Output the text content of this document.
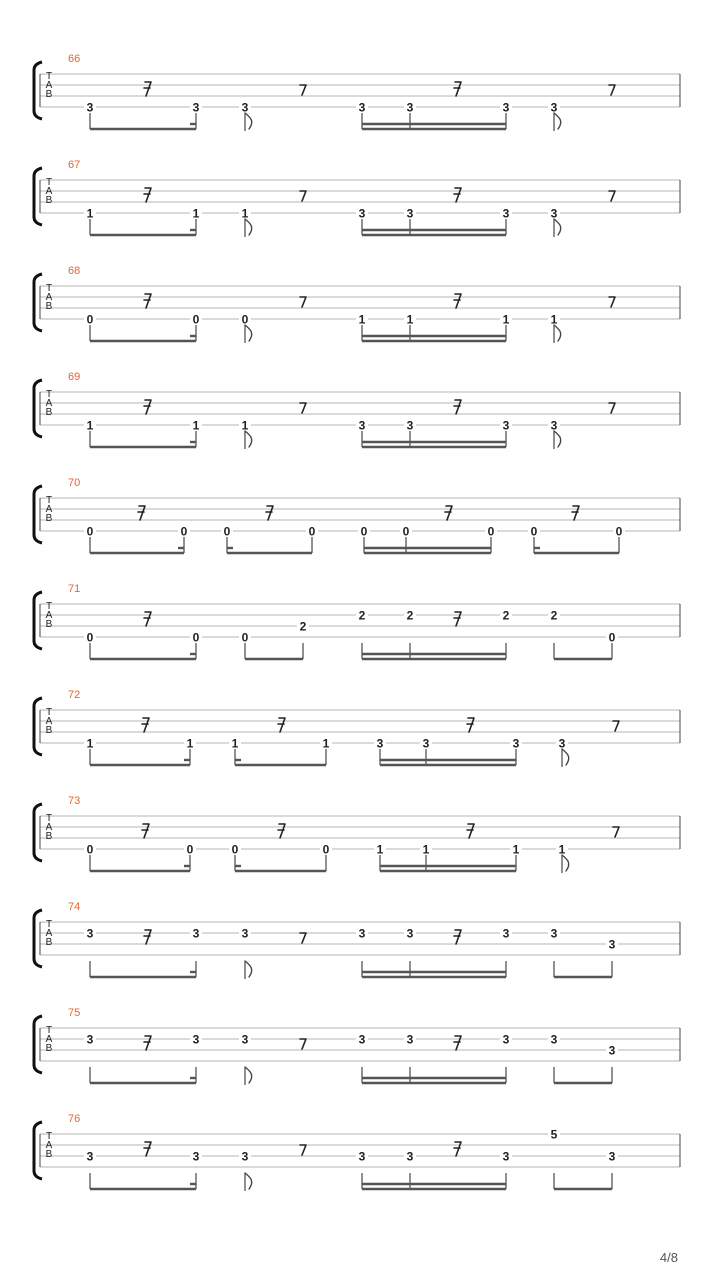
66
T
A
B
3	3	3	3	3	3	3
67
T
A
B
1	1	1	3	3	3	3
68
T
A
B
0	0	0	1	1	1	1
69
T
A
B
1	1	1	3	3	3	3
70
T
A
B
0	0	0	0	0	0	0	0	0
71
T
A
B
0	0	0
2
2	2	2	2
0
72
T
A
B
1	1	1	1	3	3	3	3
73
T
A
B
0	0	0	0	1	1	1	1
74
T
A
B
3	3	3	3	3	3	3
3
75
T
A
B
3	3	3	3	3	3	3
3
76
T
A
B	3	3	3	3	3	3
5
3
4/8
